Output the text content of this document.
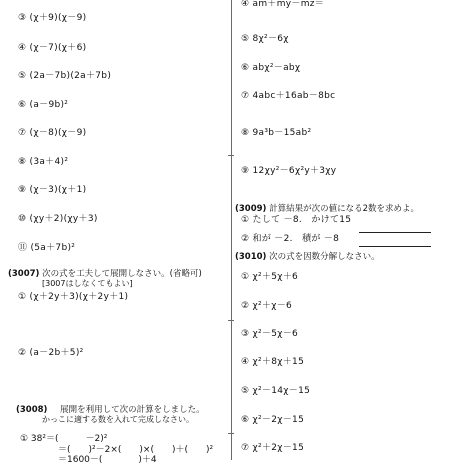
③ (χ＋9)(χ－9)
④ (χ－7)(χ＋6)
⑤ (2a－7b)(2a＋7b)
⑥ (a－9b)²
⑦ (χ－8)(χ－9)
⑧ (3a＋4)²
⑨ (χ－3)(χ＋1)
⑩ (χy＋2)(χy＋3)
⑪ (5a＋7b)²
(3007) 次の式を工夫して展開しなさい。(省略可)
[3007はしなくてもよい]
① (χ＋2y＋3)(χ＋2y＋1)
② (a－2b＋5)²
(3008) 展開を利用して次の計算をしました。
かっこに適する数を入れて完成しなさい。
① 38²＝(　　　－2)²
＝(　　)²－2×(　　)×(　　)＋(　　)²
＝1600－(　　　　)＋4
④ am＋my－mz＝
⑤ 8χ²－6χ
⑥ abχ²－abχ
⑦ 4abc＋16ab－8bc
⑧ 9a³b－15ab²
⑨ 12χy²－6χ²y＋3χy
(3009) 計算結果が次の値になる2数を求めよ。
① たして －8.　かけて15
② 和が －2.　積が －8
(3010) 次の式を因数分解しなさい。
① χ²＋5χ＋6
② χ²＋χ－6
③ χ²－5χ－6
④ χ²＋8χ＋15
⑤ χ²－14χ－15
⑥ χ²－2χ－15
⑦ χ²＋2χ－15
